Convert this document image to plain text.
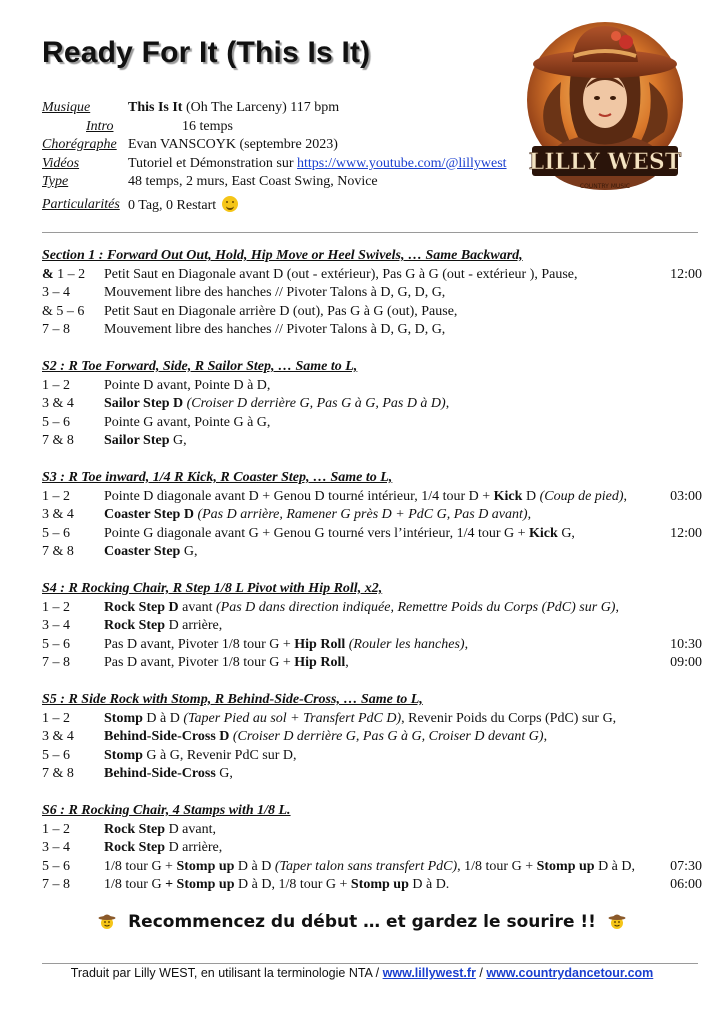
Ready For It (This Is It)
Musique	This Is It (Oh The Larceny) 117 bpm
Intro	16 temps
Chorégraphe Evan VANSCOYK (septembre 2023)
Vidéos	Tutoriel et Démonstration sur https://www.youtube.com/@lillywest
Type	48 temps, 2 murs, East Coast Swing, Novice
Particularités 0 Tag, 0 Restart
LILLY WEST
COUNTRY MUSIC
Section 1 : Forward Out Out, Hold, Hip Move or Heel Swivels, … Same Backward,
& 1 – 2	Petit Saut en Diagonale avant D (out - extérieur), Pas G à G (out - extérieur ), Pause,	12:00
3 – 4	Mouvement libre des hanches // Pivoter Talons à D, G, D, G,
& 5 – 6	Petit Saut en Diagonale arrière D (out), Pas G à G (out), Pause,
7 – 8	Mouvement libre des hanches // Pivoter Talons à D, G, D, G,
S2 : R Toe Forward, Side, R Sailor Step, … Same to L,
1 – 2	Pointe D avant, Pointe D à D,
3 & 4	Sailor Step D (Croiser D derrière G, Pas G à G, Pas D à D),
5 – 6	Pointe G avant, Pointe G à G,
7 & 8	Sailor Step G,
S3 : R Toe inward, 1/4 R Kick, R Coaster Step, … Same to L,
1 – 2	Pointe D diagonale avant D + Genou D tourné intérieur, 1/4 tour D + Kick D (Coup de pied),	03:00
3 & 4	Coaster Step D (Pas D arrière, Ramener G près D + PdC G, Pas D avant),
5 – 6	Pointe G diagonale avant G + Genou G tourné vers l’intérieur, 1/4 tour G + Kick G,	12:00
7 & 8	Coaster Step G,
S4 : R Rocking Chair, R Step 1/8 L Pivot with Hip Roll, x2,
1 – 2	Rock Step D avant (Pas D dans direction indiquée, Remettre Poids du Corps (PdC) sur G),
3 – 4	Rock Step D arrière,
5 – 6	Pas D avant, Pivoter 1/8 tour G + Hip Roll (Rouler les hanches),	10:30
7 – 8	Pas D avant, Pivoter 1/8 tour G + Hip Roll,	09:00
S5 : R Side Rock with Stomp, R Behind-Side-Cross, … Same to L,
1 – 2	Stomp D à D (Taper Pied au sol + Transfert PdC D), Revenir Poids du Corps (PdC) sur G,
3 & 4	Behind-Side-Cross D (Croiser D derrière G, Pas G à G, Croiser D devant G),
5 – 6	Stomp G à G, Revenir PdC sur D,
7 & 8	Behind-Side-Cross G,
S6 : R Rocking Chair, 4 Stamps with 1/8 L.
1 – 2	Rock Step D avant,
3 – 4	Rock Step D arrière,
5 – 6	1/8 tour G + Stomp up D à D (Taper talon sans transfert PdC), 1/8 tour G + Stomp up D à D,	07:30
7 – 8	1/8 tour G + Stomp up D à D, 1/8 tour G + Stomp up D à D.	06:00
Recommencez du début … et gardez le sourire !!
Traduit par Lilly WEST, en utilisant la terminologie NTA / www.lillywest.fr / www.countrydancetour.com
